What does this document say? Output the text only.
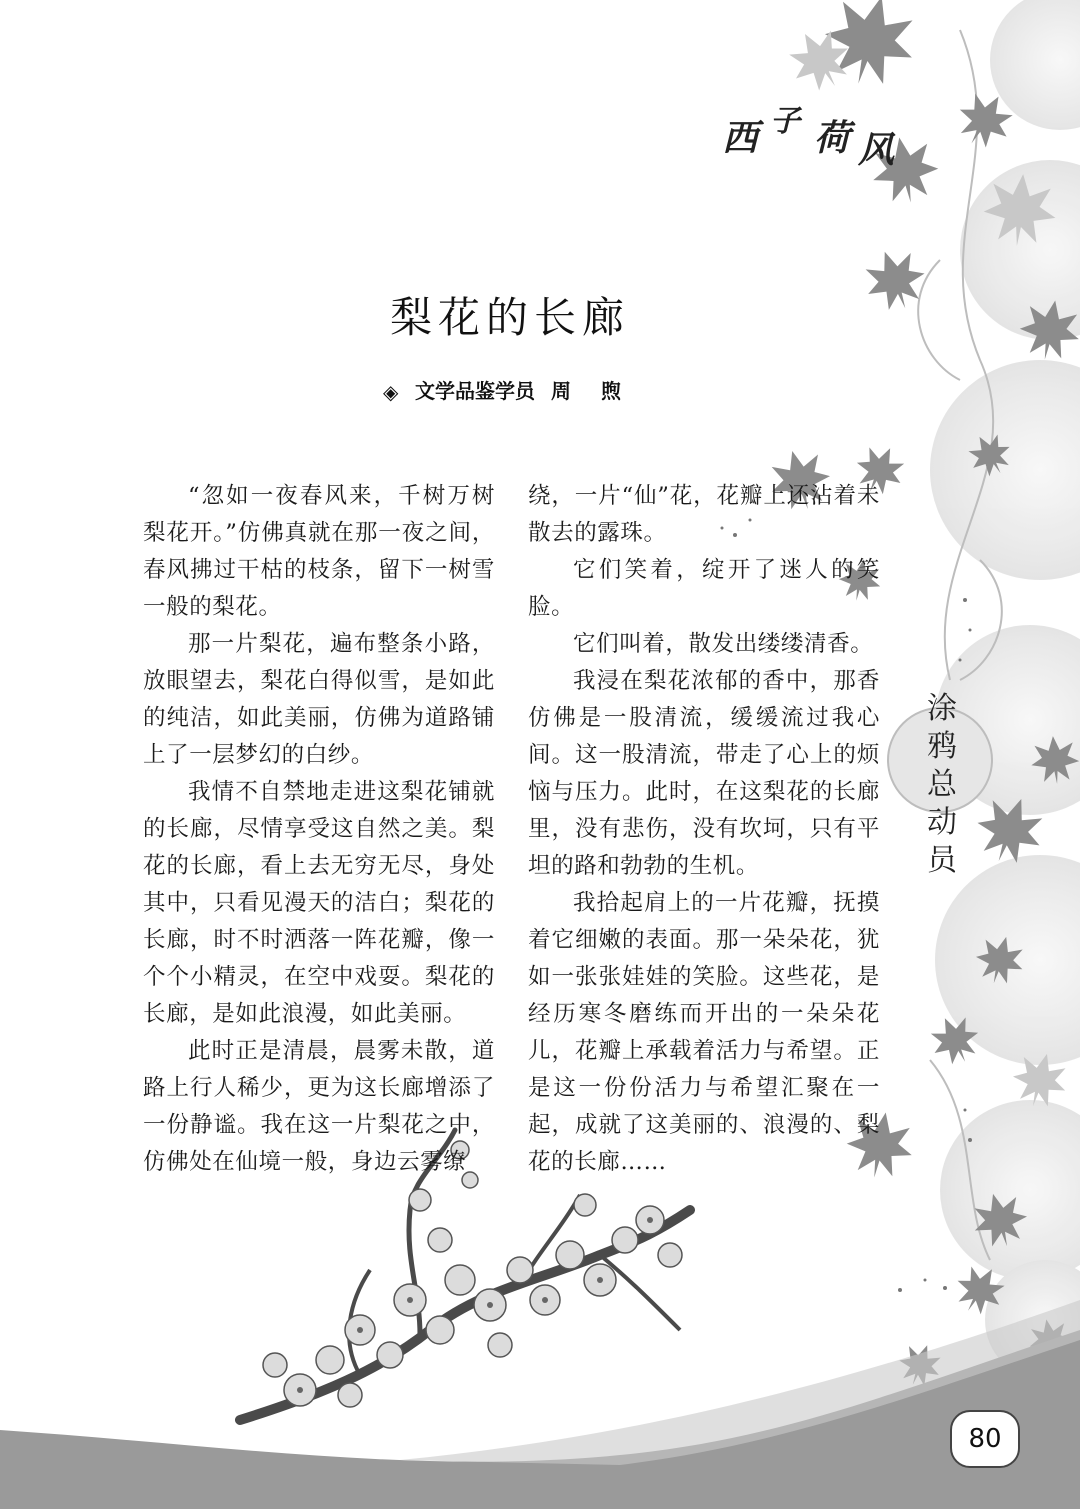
西 子 荷 风
梨花的长廊
◈ 文学品鉴学员 周 煦

“忽如一夜春风来，千树万树梨花开。”仿佛真就在那一夜之间，春风拂过干枯的枝条，留下一树雪一般的梨花。

那一片梨花，遍布整条小路，放眼望去，梨花白得似雪，是如此的纯洁，如此美丽，仿佛为道路铺上了一层梦幻的白纱。

我情不自禁地走进这梨花铺就的长廊，尽情享受这自然之美。梨花的长廊，看上去无穷无尽，身处其中，只看见漫天的洁白；梨花的长廊，时不时洒落一阵花瓣，像一个个小精灵，在空中戏耍。梨花的长廊，是如此浪漫，如此美丽。

此时正是清晨，晨雾未散，道路上行人稀少，更为这长廊增添了一份静谧。我在这一片梨花之中，仿佛处在仙境一般，身边云雾缭

绕，一片“仙”花，花瓣上还沾着未散去的露珠。

它们笑着，绽开了迷人的笑脸。

它们叫着，散发出缕缕清香。

我浸在梨花浓郁的香中，那香仿佛是一股清流，缓缓流过我心间。这一股清流，带走了心上的烦恼与压力。此时，在这梨花的长廊里，没有悲伤，没有坎坷，只有平坦的路和勃勃的生机。

我拾起肩上的一片花瓣，抚摸着它细嫩的表面。那一朵朵花，犹如一张张娃娃的笑脸。这些花，是经历寒冬磨练而开出的一朵朵花儿，花瓣上承载着活力与希望。正是这一份份活力与希望汇聚在一起，成就了这美丽的、浪漫的、梨花的长廊……

涂
鸦
总
动
员
80
